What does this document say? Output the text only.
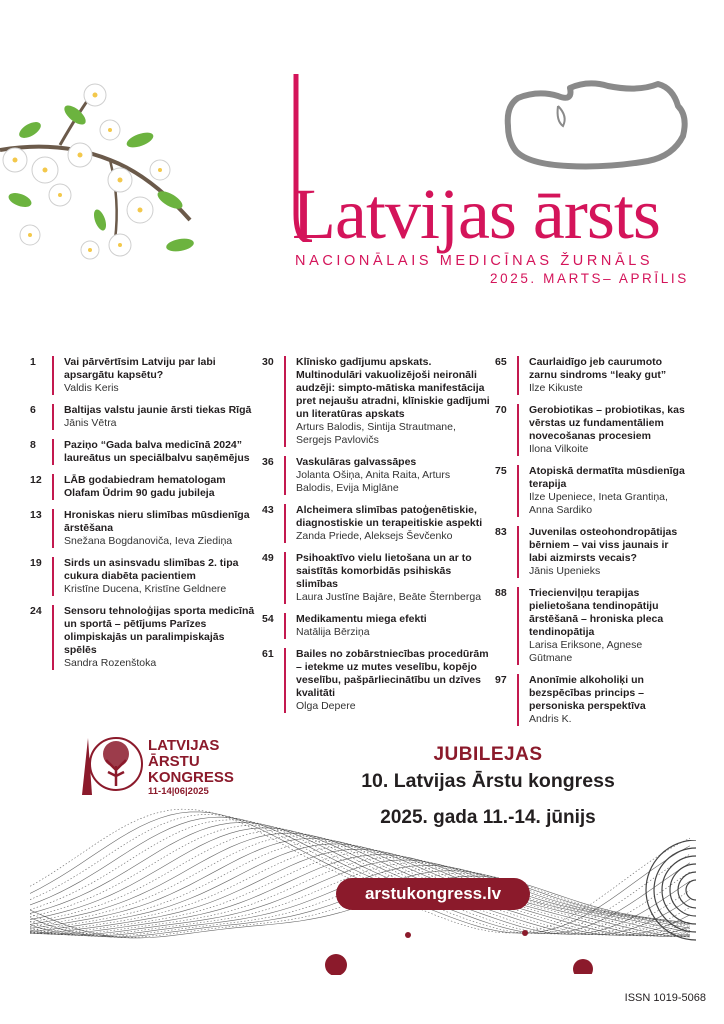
Latvijas ārsts
NACIONĀLAIS MEDICĪNAS ŽURNĀLS
2025. MARTS– APRĪLIS
1	Vai pārvērtīsim Latviju par labi apsargātu kapsētu?
Valdis Keris
6	Baltijas valstu jaunie ārsti tiekas Rīgā
Jānis Vētra
8	Paziņo “Gada balva medicīnā 2024” laureātus un speciālbalvu saņēmējus
12 LĀB godabiedram hematologam Olafam Ūdrim 90 gadu jubileja
13 Hroniskas nieru slimības mūsdienīga ārstēšana
Snežana Bogdanoviča, Ieva Ziediņa
19 Sirds un asinsvadu slimības 2. tipa cukura diabēta pacientiem
Kristīne Ducena, Kristīne Geldnere
24 Sensoru tehnoloģijas sporta medicīnā un sportā – pētījums Parīzes olimpiskajās un paralimpiskajās spēlēs
Sandra Rozenštoka
30 Klīnisko gadījumu apskats. Multinodulāri vakuolizējoši neironāli audzēji: simpto-mātiska manifestācija pret nejaušu atradni, klīniskie gadījumi un literatūras apskats
Arturs Balodis, Sintija Strautmane, Sergejs Pavlovičs
36 Vaskulāras galvassāpes
Jolanta Ošiņa, Anita Raita, Arturs Balodis, Evija Miglāne
43 Alcheimera slimības patoģenētiskie, diagnostiskie un terapeitiskie aspekti
Zanda Priede, Aleksejs Ševčenko
49 Psihoaktīvo vielu lietošana un ar to saistītās komorbidās psihiskās slimības
Laura Justīne Bajāre, Beāte Šternberga
54 Medikamentu miega efekti
Natālija Bērziņa
61 Bailes no zobārstniecības procedūrām – ietekme uz mutes veselību, kopējo veselību, pašpārliecinātību un dzīves kvalitāti
Olga Depere
65 Caurlaidīgo jeb caurumoto zarnu sindroms “leaky gut”
Ilze Kikuste
70 Gerobiotikas – probiotikas, kas vērstas uz fundamentāliem novecošanas procesiem
Ilona Vilkoite
75 Atopiskā dermatīta mūsdienīga terapija
Ilze Upeniece, Ineta Grantiņa, Anna Sardiko
83 Juvenilas osteohondropātijas bērniem – vai viss jaunais ir labi aizmirsts vecais?
Jānis Upenieks
88 Triecienviļņu terapijas pielietošana tendinopātiju ārstēšanā – hroniska pleca tendinopātija
Larisa Eriksone, Agnese Gūtmane
97 Anonīmie alkoholiķi un bezspēcības princips – personiska perspektīva
Andris K.
LATVIJAS
ĀRSTU
KONGRESS
11-14|06|2025
JUBILEJAS
10. Latvijas Ārstu kongress
2025. gada 11.-14. jūnijs
arstukongress.lv
ISSN 1019-5068
